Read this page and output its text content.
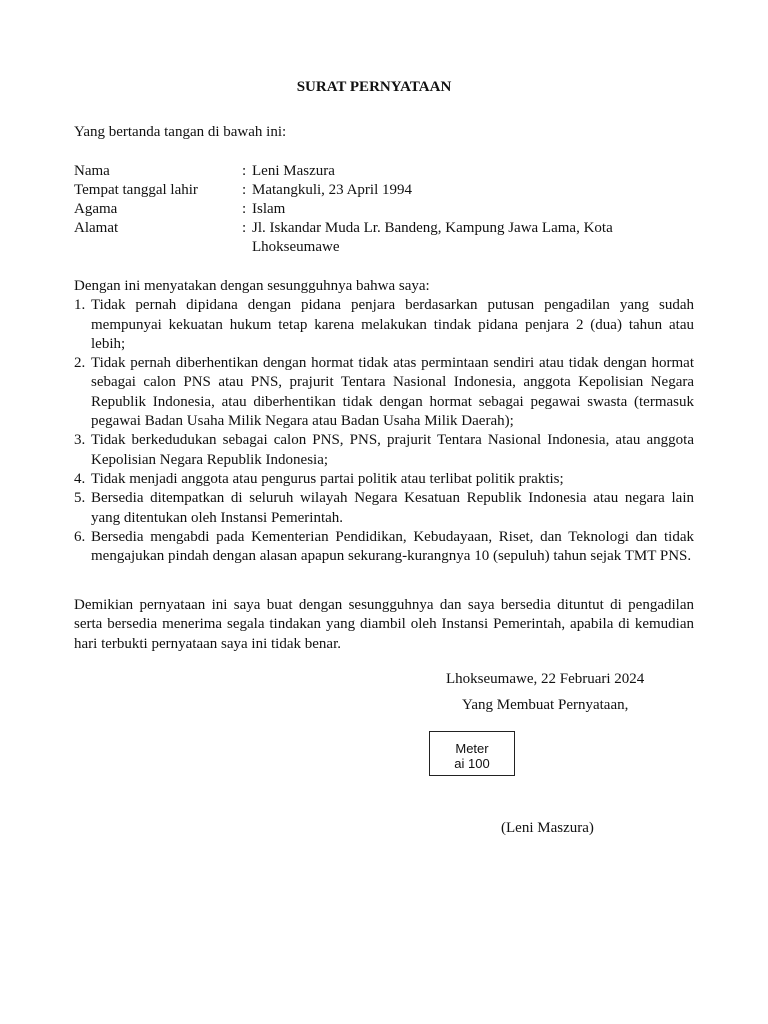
SURAT PERNYATAAN
Yang bertanda tangan di bawah ini:
Nama	: Leni Maszura
Tempat tanggal lahir	: Matangkuli, 23 April 1994
Agama	: Islam
Alamat	: Jl. Iskandar Muda Lr. Bandeng, Kampung Jawa Lama, Kota Lhokseumawe
Dengan ini menyatakan dengan sesungguhnya bahwa saya:
1. Tidak pernah dipidana dengan pidana penjara berdasarkan putusan pengadilan yang sudah mempunyai kekuatan hukum tetap karena melakukan tindak pidana penjara 2 (dua) tahun atau lebih;
2. Tidak pernah diberhentikan dengan hormat tidak atas permintaan sendiri atau tidak dengan hormat sebagai calon PNS atau PNS, prajurit Tentara Nasional Indonesia, anggota Kepolisian Negara Republik Indonesia, atau diberhentikan tidak dengan hormat sebagai pegawai swasta (termasuk pegawai Badan Usaha Milik Negara atau Badan Usaha Milik Daerah);
3. Tidak berkedudukan sebagai calon PNS, PNS, prajurit Tentara Nasional Indonesia, atau anggota Kepolisian Negara Republik Indonesia;
4. Tidak menjadi anggota atau pengurus partai politik atau terlibat politik praktis;
5. Bersedia ditempatkan di seluruh wilayah Negara Kesatuan Republik Indonesia atau negara lain yang ditentukan oleh Instansi Pemerintah.
6. Bersedia mengabdi pada Kementerian Pendidikan, Kebudayaan, Riset, dan Teknologi dan tidak mengajukan pindah dengan alasan apapun sekurang-kurangnya 10 (sepuluh) tahun sejak TMT PNS.
Demikian pernyataan ini saya buat dengan sesungguhnya dan saya bersedia dituntut di pengadilan serta bersedia menerima segala tindakan yang diambil oleh Instansi Pemerintah, apabila di kemudian hari terbukti pernyataan saya ini tidak benar.
Lhokseumawe, 22 Februari 2024
Yang Membuat Pernyataan,
Meterai 100
(Leni Maszura)
